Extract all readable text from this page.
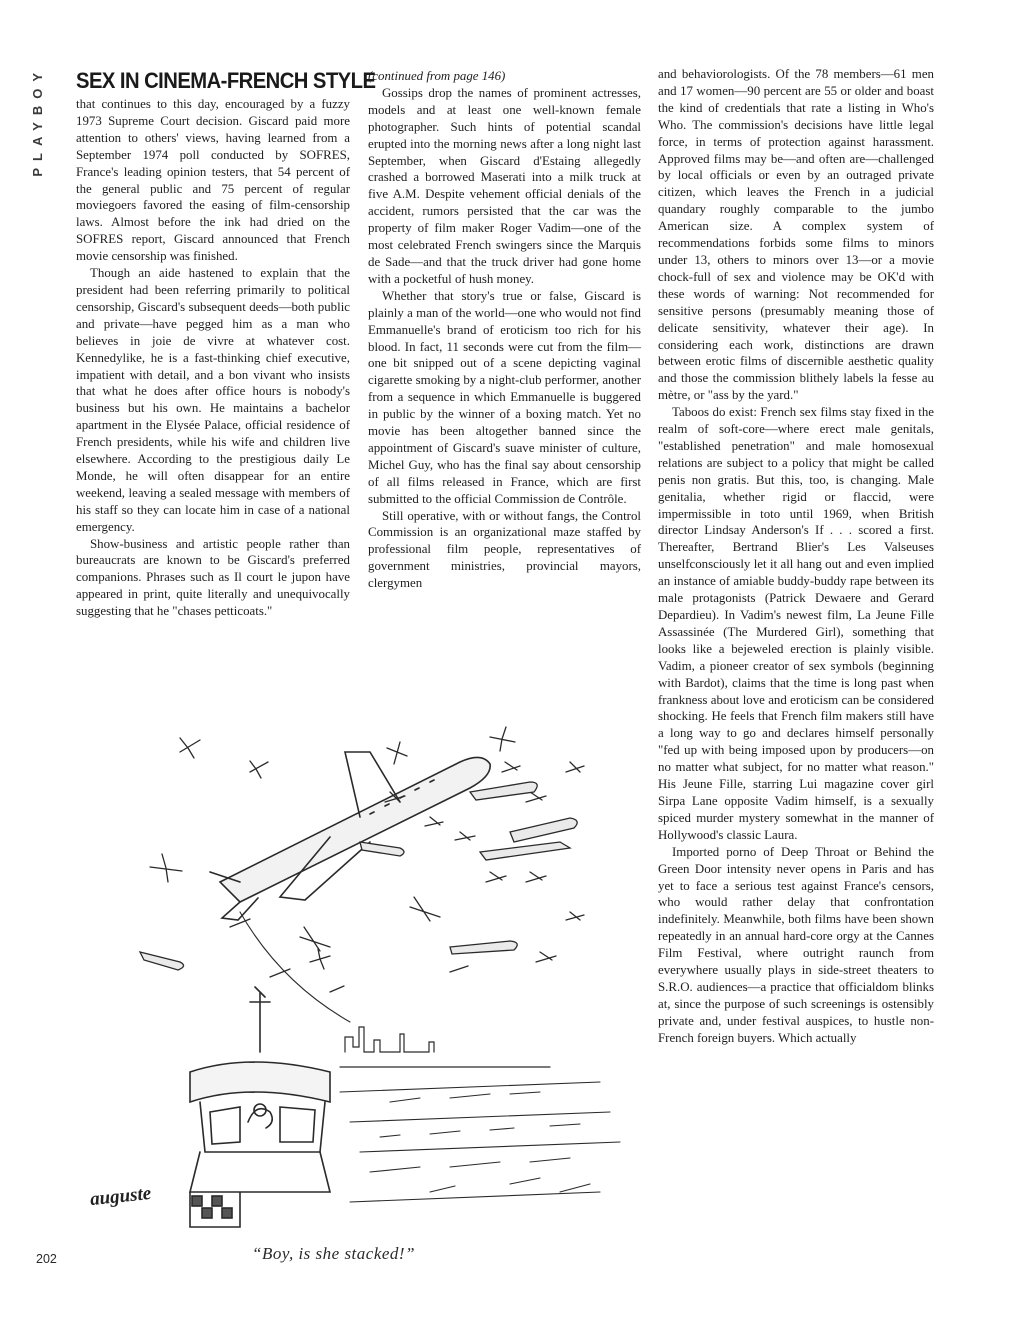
PLAYBOY SEX IN CINEMA-FRENCH STYLE

that continues to this day, encouraged by a fuzzy 1973 Supreme Court decision. Giscard paid more attention to others' views, having learned from a September 1974 poll conducted by SOFRES, France's leading opinion testers, that 54 percent of the general public and 75 percent of regular moviegoers favored the easing of film-censorship laws. Almost before the ink had dried on the SOFRES report, Giscard announced that French movie censorship was finished.

Though an aide hastened to explain that the president had been referring primarily to political censorship, Giscard's subsequent deeds—both public and private—have pegged him as a man who believes in joie de vivre at whatever cost. Kennedylike, he is a fast-thinking chief executive, impatient with detail, and a bon vivant who insists that what he does after office hours is nobody's business but his own. He maintains a bachelor apartment in the Elysée Palace, official residence of French presidents, while his wife and children live elsewhere. According to the prestigious daily Le Monde, he will often disappear for an entire weekend, leaving a sealed message with members of his staff so they can locate him in case of a national emergency.

Show-business and artistic people rather than bureaucrats are known to be Giscard's preferred companions. Phrases such as Il court le jupon have appeared in print, quite literally and unequivocally suggesting that he "chases petticoats."

(continued from page 146)

Gossips drop the names of prominent actresses, models and at least one well-known female photographer. Such hints of potential scandal erupted into the morning news after a long night last September, when Giscard d'Estaing allegedly crashed a borrowed Maserati into a milk truck at five A.M. Despite vehement official denials of the accident, rumors persisted that the car was the property of film maker Roger Vadim—one of the most celebrated French swingers since the Marquis de Sade—and that the truck driver had gone home with a pocketful of hush money.

Whether that story's true or false, Giscard is plainly a man of the world—one who would not find Emmanuelle's brand of eroticism too rich for his blood. In fact, 11 seconds were cut from the film—one bit snipped out of a scene depicting vaginal cigarette smoking by a night-club performer, another from a sequence in which Emmanuelle is buggered in public by the winner of a boxing match. Yet no movie has been altogether banned since the appointment of Giscard's suave minister of culture, Michel Guy, who has the final say about censorship of all films released in France, which are first submitted to the official Commission de Contrôle.

Still operative, with or without fangs, the Control Commission is an organizational maze staffed by professional film people, representatives of government ministries, provincial mayors, clergymen

and behaviorologists. Of the 78 members—61 men and 17 women—90 percent are 55 or older and boast the kind of credentials that rate a listing in Who's Who. The commission's decisions have little legal force, in terms of protection against harassment. Approved films may be—and often are—challenged by local officials or even by an outraged private citizen, which leaves the French in a judicial quandary roughly comparable to the jumbo American size. A complex system of recommendations forbids some films to minors under 13, others to minors over 13—or a movie chock-full of sex and violence may be OK'd with these words of warning: Not recommended for sensitive persons (presumably meaning those of delicate sensitivity, whatever their age). In considering each work, distinctions are drawn between erotic films of discernible aesthetic quality and those the commission blithely labels la fesse au mètre, or "ass by the yard."

Taboos do exist: French sex films stay fixed in the realm of soft-core—where erect male genitals, "established penetration" and male homosexual relations are subject to a policy that might be called penis non gratis. But this, too, is changing. Male genitalia, whether rigid or flaccid, were impermissible in toto until 1969, when British director Lindsay Anderson's If . . . scored a first. Thereafter, Bertrand Blier's Les Valseuses unselfconsciously let it all hang out and even implied an instance of amiable buddy-buddy rape between its male protagonists (Patrick Dewaere and Gerard Depardieu). In Vadim's newest film, La Jeune Fille Assassinée (The Murdered Girl), something that looks like a bejeweled erection is plainly visible. Vadim, a pioneer creator of sex symbols (beginning with Bardot), claims that the time is long past when frankness about love and eroticism can be considered shocking. He feels that French film makers still have a long way to go and declares himself personally "fed up with being imposed upon by producers—on no matter what subject, for no matter what reason." His Jeune Fille, starring Lui magazine cover girl Sirpa Lane opposite Vadim himself, is a sexually spiced murder mystery somewhat in the manner of Hollywood's classic Laura.

Imported porno of Deep Throat or Behind the Green Door intensity never opens in Paris and has yet to face a serious test against France's censors, who would rather delay that confrontation indefinitely. Meanwhile, both films have been shown repeatedly in an annual hard-core orgy at the Cannes Film Festival, where outright raunch from everywhere usually plays in side-street theaters to S.R.O. audiences—a practice that officialdom blinks at, since the purpose of such screenings is ostensibly private and, under festival auspices, to hustle non-French foreign buyers. Which actually

auguste
202	“Boy, is she stacked!”
